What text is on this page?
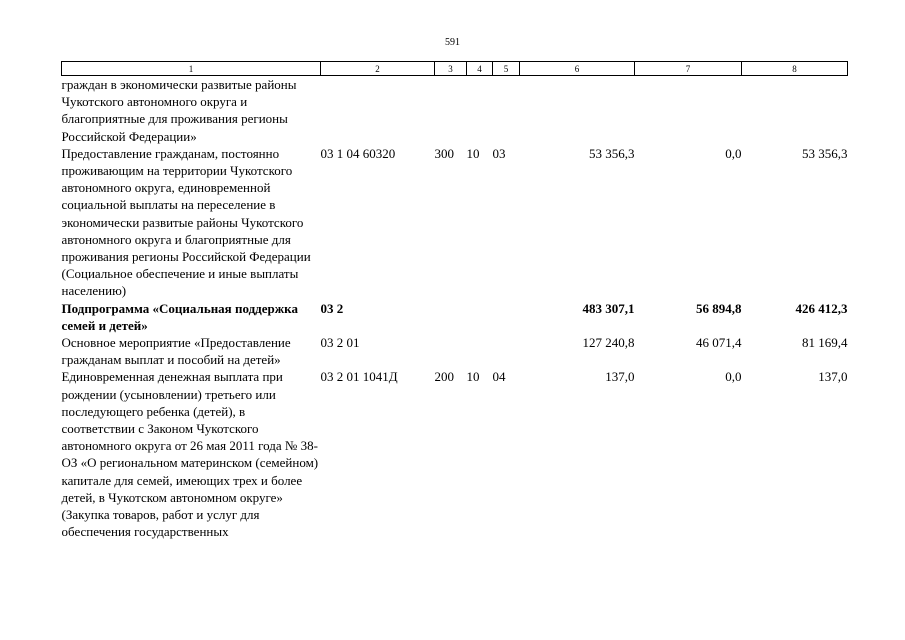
591
1	2	3	4	5	6	7	8
граждан в экономически развитые районы Чукотского автономного округа и благоприятные для проживания регионы Российской Федерации»							
Предоставление гражданам, постоянно проживающим на территории Чукотского автономного округа, единовременной социальной выплаты на переселение в экономически развитые районы Чукотского автономного округа и благоприятные для проживания регионы Российской Федерации (Социальное обеспечение и иные выплаты населению)	03 1 04 60320	300	10	03	53 356,3	0,0	53 356,3
Подпрограмма «Социальная поддержка семей и детей»	03 2				483 307,1	56 894,8	426 412,3
Основное мероприятие «Предоставление гражданам выплат и пособий на детей»	03 2 01				127 240,8	46 071,4	81 169,4
Единовременная денежная выплата при рождении (усыновлении) третьего или последующего ребенка (детей), в соответствии с Законом Чукотского автономного округа от 26 мая 2011 года № 38-ОЗ «О региональном материнском (семейном) капитале для семей, имеющих трех и более детей, в Чукотском автономном округе» (Закупка товаров, работ и услуг для обеспечения государственных	03 2 01 1041Д	200	10	04	137,0	0,0	137,0
